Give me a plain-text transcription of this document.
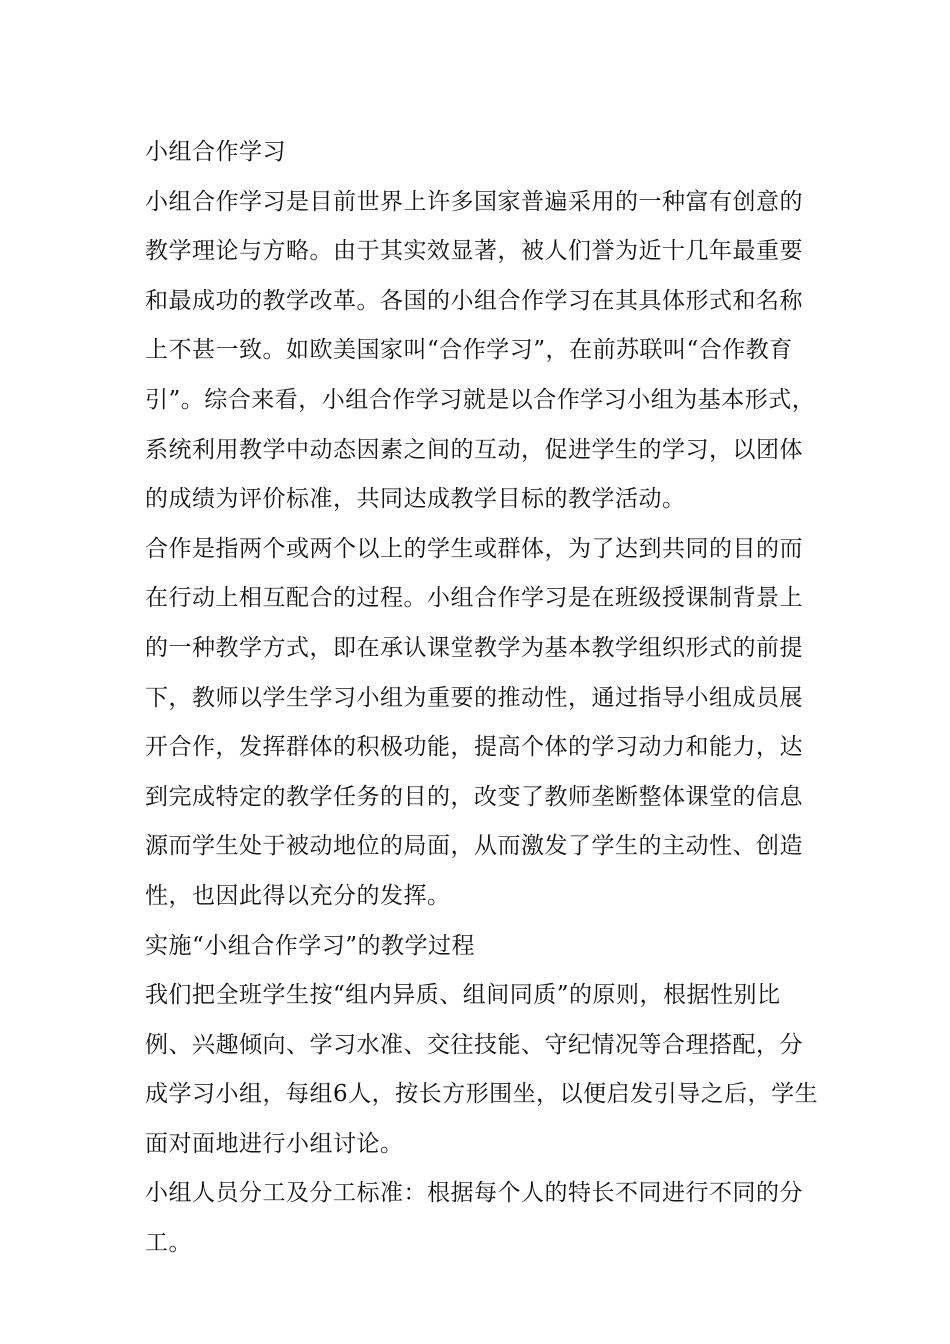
小组合作学习

小组合作学习是目前世界上许多国家普遍采用的一种富有创意的教学理论与方略。由于其实效显著，被人们誉为近十几年最重要和最成功的教学改革。各国的小组合作学习在其具体形式和名称上不甚一致。如欧美国家叫“合作学习”，在前苏联叫“合作教育引”。综合来看，小组合作学习就是以合作学习小组为基本形式，系统利用教学中动态因素之间的互动，促进学生的学习，以团体的成绩为评价标准，共同达成教学目标的教学活动。

合作是指两个或两个以上的学生或群体，为了达到共同的目的而在行动上相互配合的过程。小组合作学习是在班级授课制背景上的一种教学方式，即在承认课堂教学为基本教学组织形式的前提下，教师以学生学习小组为重要的推动性，通过指导小组成员展开合作，发挥群体的积极功能，提高个体的学习动力和能力，达到完成特定的教学任务的目的，改变了教师垄断整体课堂的信息源而学生处于被动地位的局面，从而激发了学生的主动性、创造性，也因此得以充分的发挥。

实施“小组合作学习”的教学过程

我们把全班学生按“组内异质、组间同质”的原则，根据性别比例、兴趣倾向、学习水准、交往技能、守纪情况等合理搭配，分成学习小组，每组6人，按长方形围坐，以便启发引导之后，学生面对面地进行小组讨论。

小组人员分工及分工标准：根据每个人的特长不同进行不同的分工。
